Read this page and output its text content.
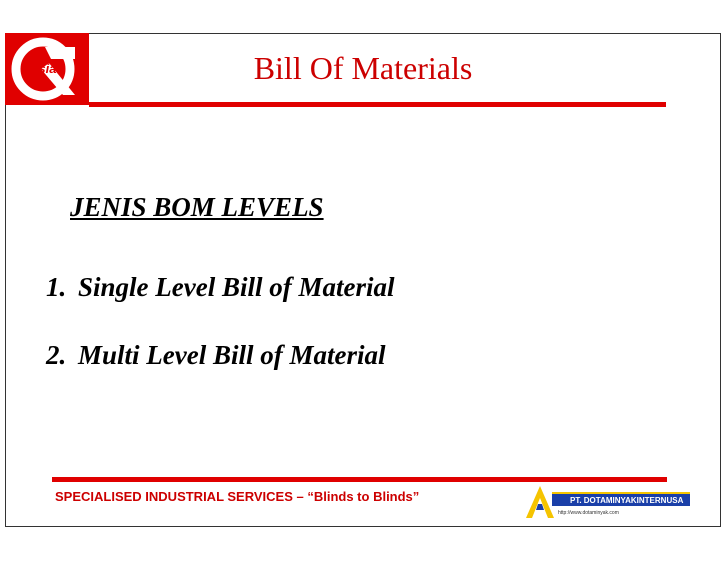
Asia	Bill Of Materials
JENIS BOM LEVELS
1. Single Level Bill of Material
2. Multi Level Bill of Material
SPECIALISED INDUSTRIAL SERVICES – “Blinds to Blinds”	PT. DOTAMINYAKINTERNUSA
http://www.dotaminyak.com
